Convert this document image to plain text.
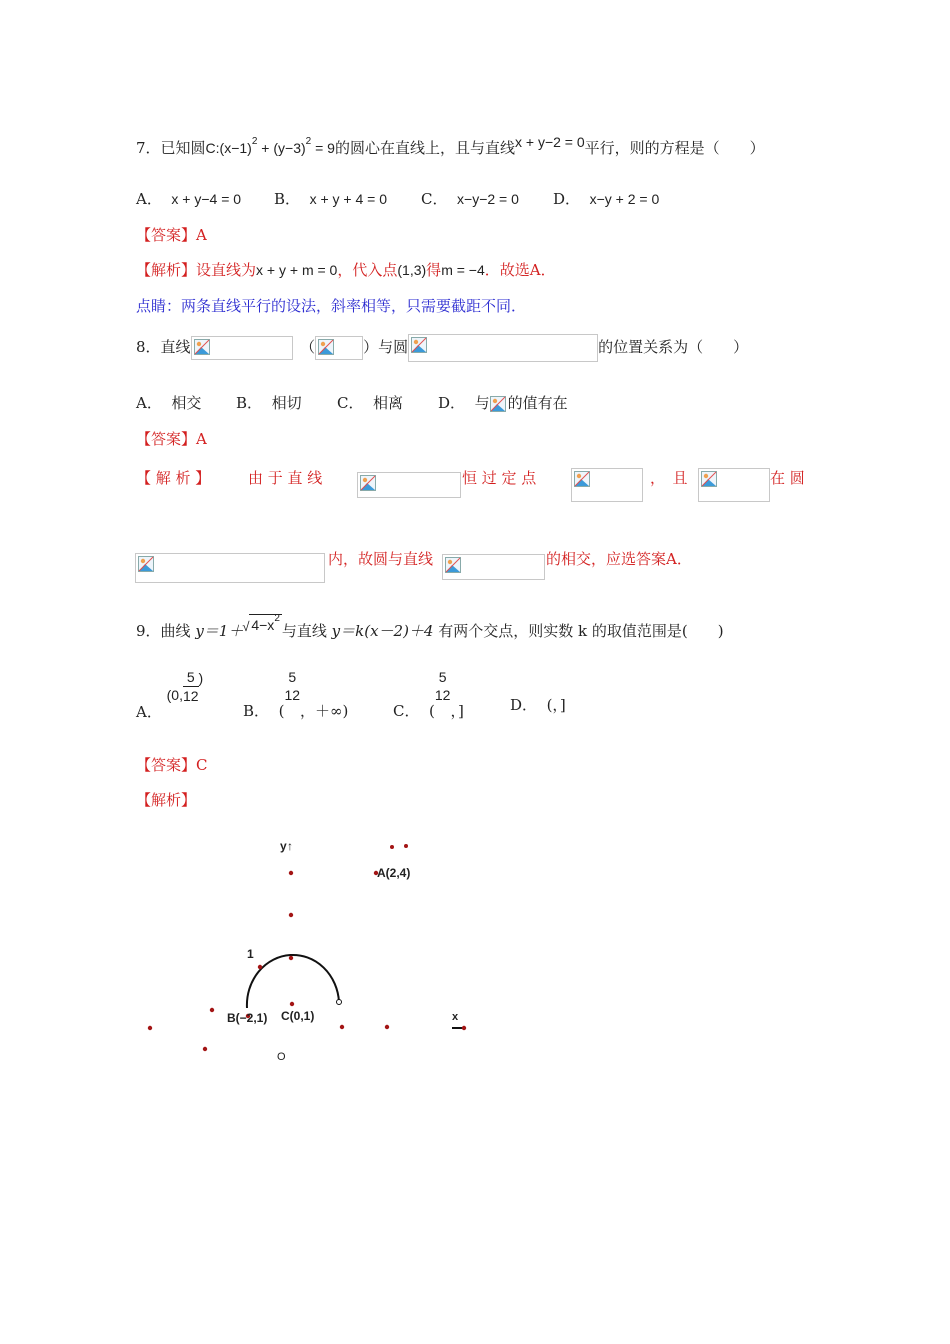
7．已知圆$C:(x-1)^2 + (y-3)^2 = 9$的圆心在直线上，且与直线x + y−2 = 0平行，则的方程是（　　）
A． x + y−4 = 0 B． x + y + 4 = 0 C． x−y−2 = 0 D． x−y + 2 = 0
【答案】A
【解析】设直线为x + y + m = 0，代入点(1,3)得m = −4．故选A．
点睛：两条直线平行的设法，斜率相等，只需要截距不同．
8．直线
　	（	）与圆	的位置关系为（　　）
A． 相交 B． 相切 C． 相离 D． 与 的值有在
【答案】A
【 解 析 】	由 于 直 线	恒 过 定 点	，　且	在 圆
内，故圆与直线	的相交，应选答案A．
9．曲线 y＝1＋ √ $4-x^2$与直线 y＝k(x－2)＋4 有两个交点，则实数 k 的取值范围是(　　)
A． (0, $\frac{5}{12}$ )
B． (
5
12
，＋∞)	C． (
5
12
，]	D． (，]
【答案】C
【解析】
y ↑
A(2,4)
1
B(−2,1) C(0,1)	x
O
